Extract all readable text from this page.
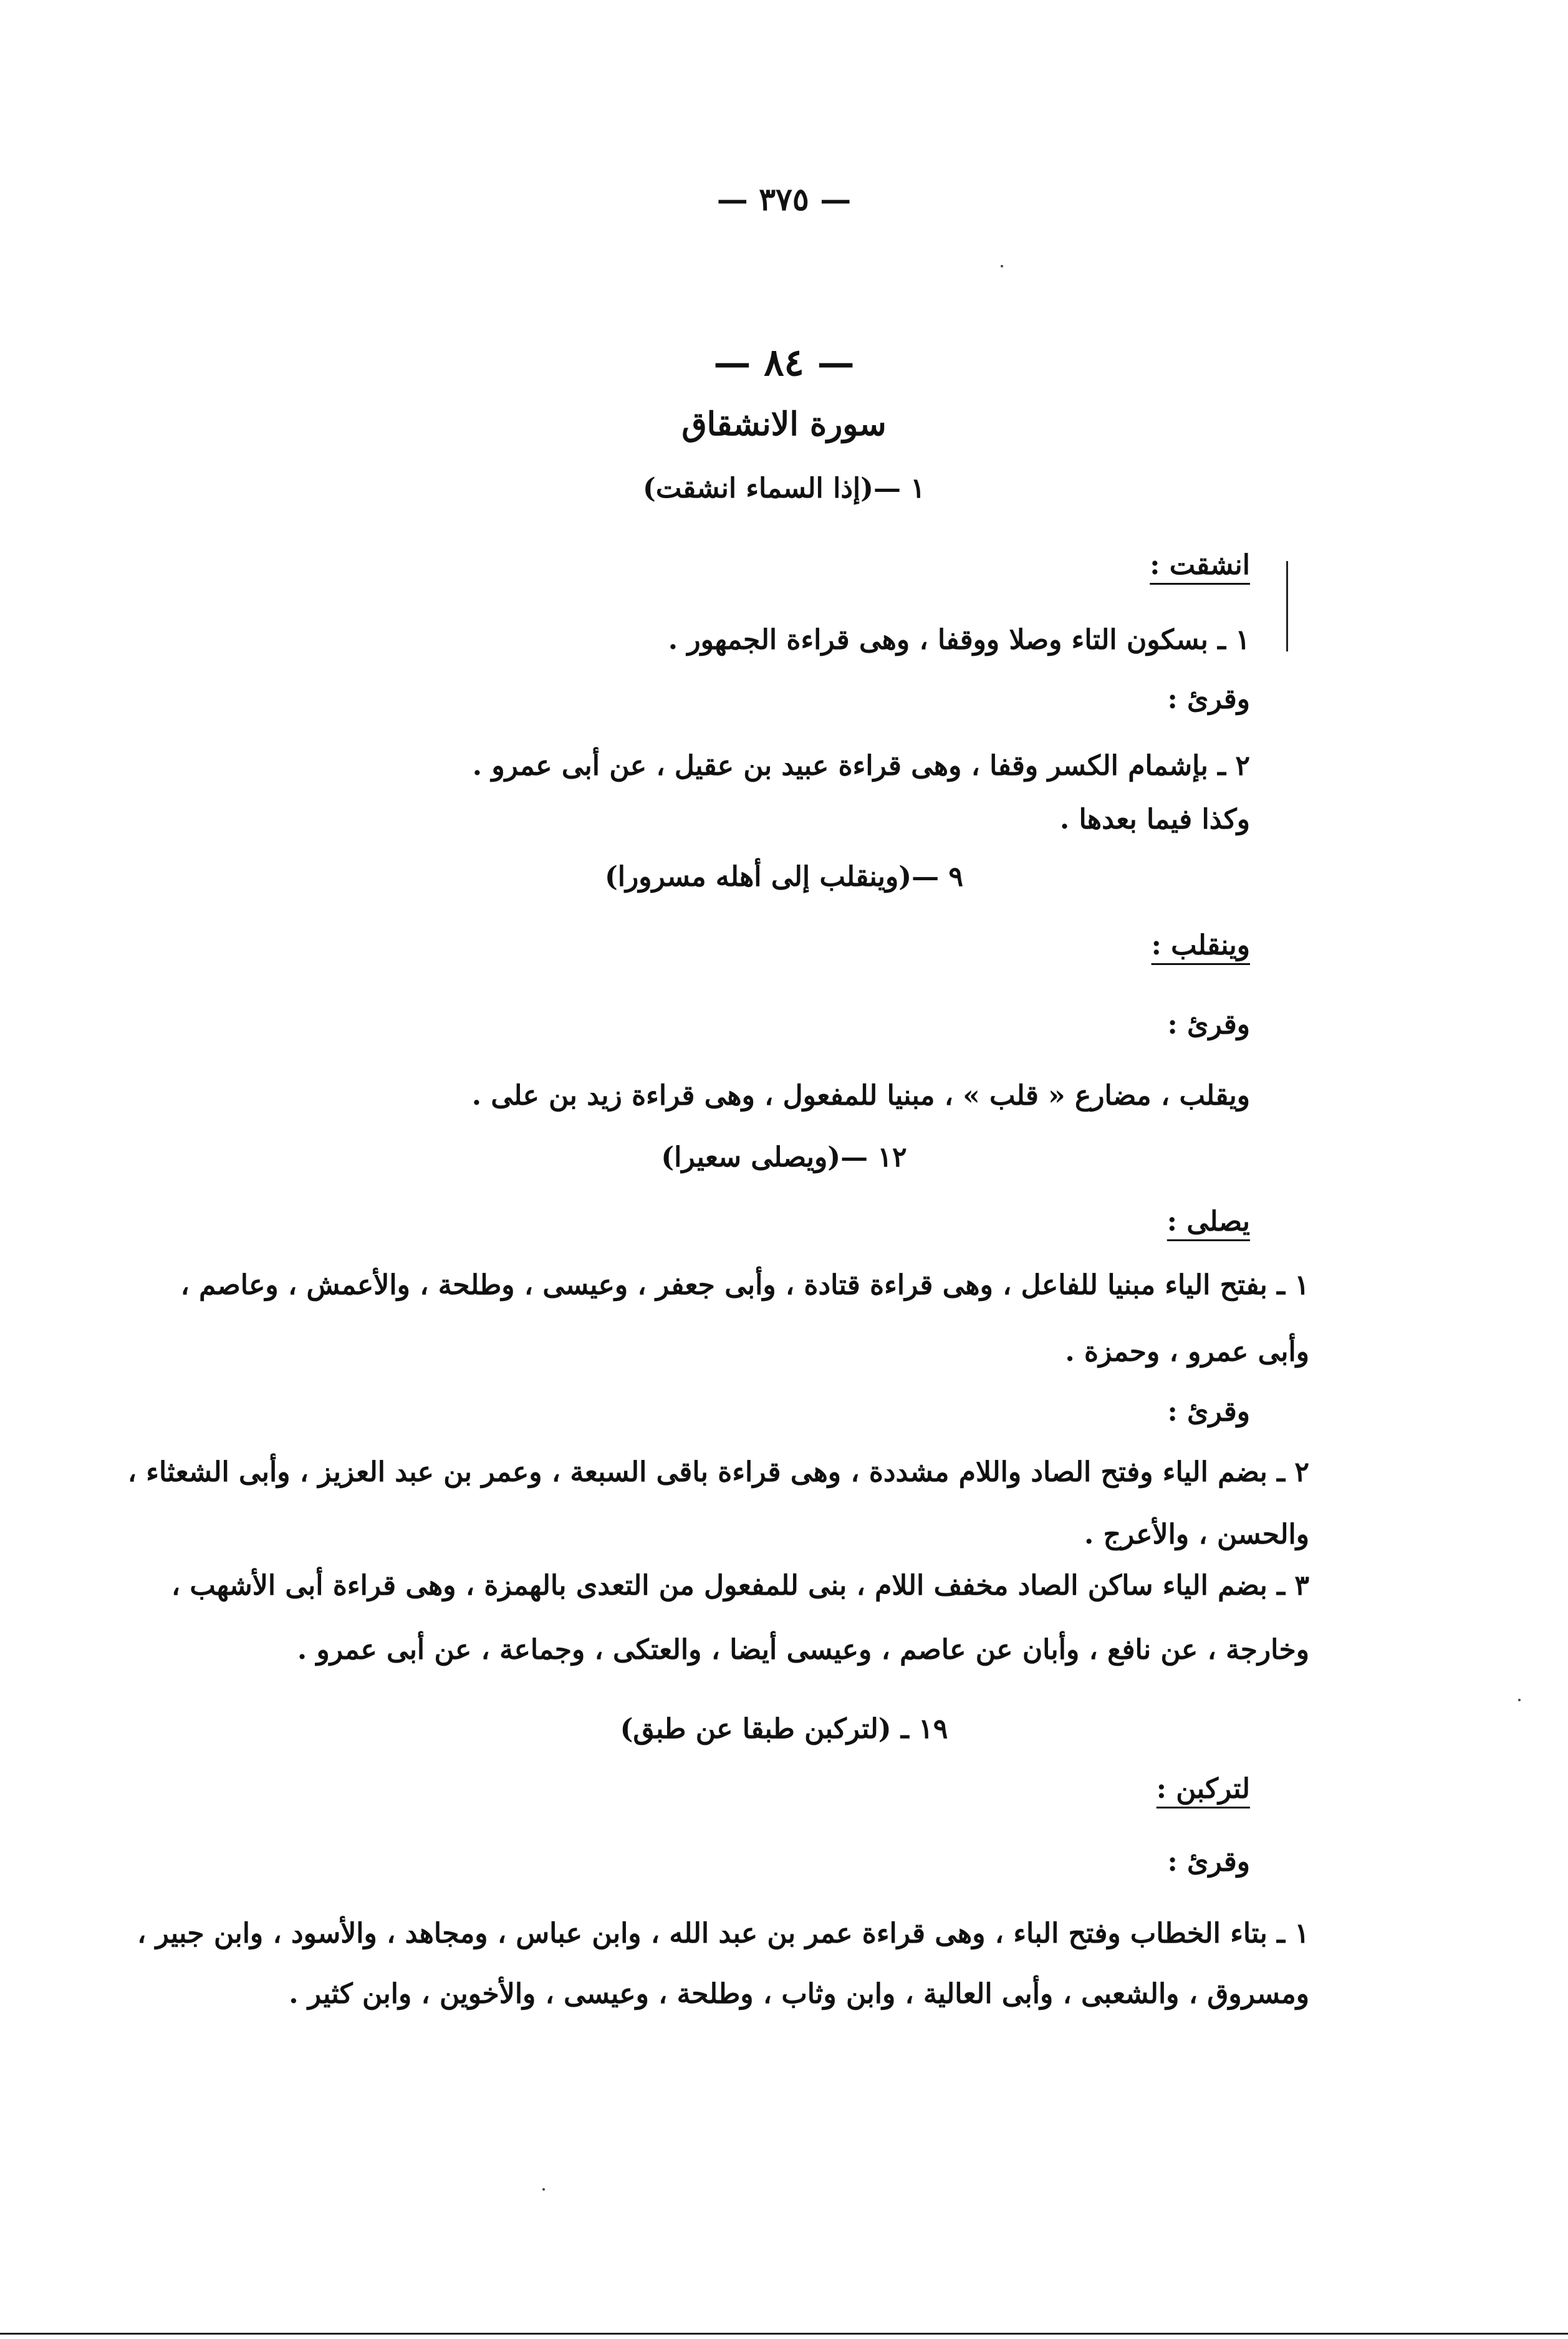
— ٣٧٥ —
— ٨٤ —
سورة الانشقاق
١ —(إذا السماء انشقت)
انشقت :
١ ـ بسكون التاء وصلا ووقفا ، وهى قراءة الجمهور .
وقرئ :
٢ ـ بإشمام الكسر وقفا ، وهى قراءة عبيد بن عقيل ، عن أبى عمرو .
وكذا فيما بعدها .
٩ —(وينقلب إلى أهله مسرورا)
وينقلب :
وقرئ :
ويقلب ، مضارع « قلب » ، مبنيا للمفعول ، وهى قراءة زيد بن على .
١٢ —(ويصلى سعيرا)
يصلى :
١ ـ بفتح الياء مبنيا للفاعل ، وهى قراءة قتادة ، وأبى جعفر ، وعيسى ، وطلحة ، والأعمش ، وعاصم ،
وأبى عمرو ، وحمزة .
وقرئ :
٢ ـ بضم الياء وفتح الصاد واللام مشددة ، وهى قراءة باقى السبعة ، وعمر بن عبد العزيز ، وأبى الشعثاء ،
والحسن ، والأعرج .
٣ ـ بضم الياء ساكن الصاد مخفف اللام ، بنى للمفعول من التعدى بالهمزة ، وهى قراءة أبى الأشهب ،
وخارجة ، عن نافع ، وأبان عن عاصم ، وعيسى أيضا ، والعتكى ، وجماعة ، عن أبى عمرو .
١٩ ـ (لتركبن طبقا عن طبق)
لتركبن :
وقرئ :
١ ـ بتاء الخطاب وفتح الباء ، وهى قراءة عمر بن عبد الله ، وابن عباس ، ومجاهد ، والأسود ، وابن جبير ،
ومسروق ، والشعبى ، وأبى العالية ، وابن وثاب ، وطلحة ، وعيسى ، والأخوين ، وابن كثير .
